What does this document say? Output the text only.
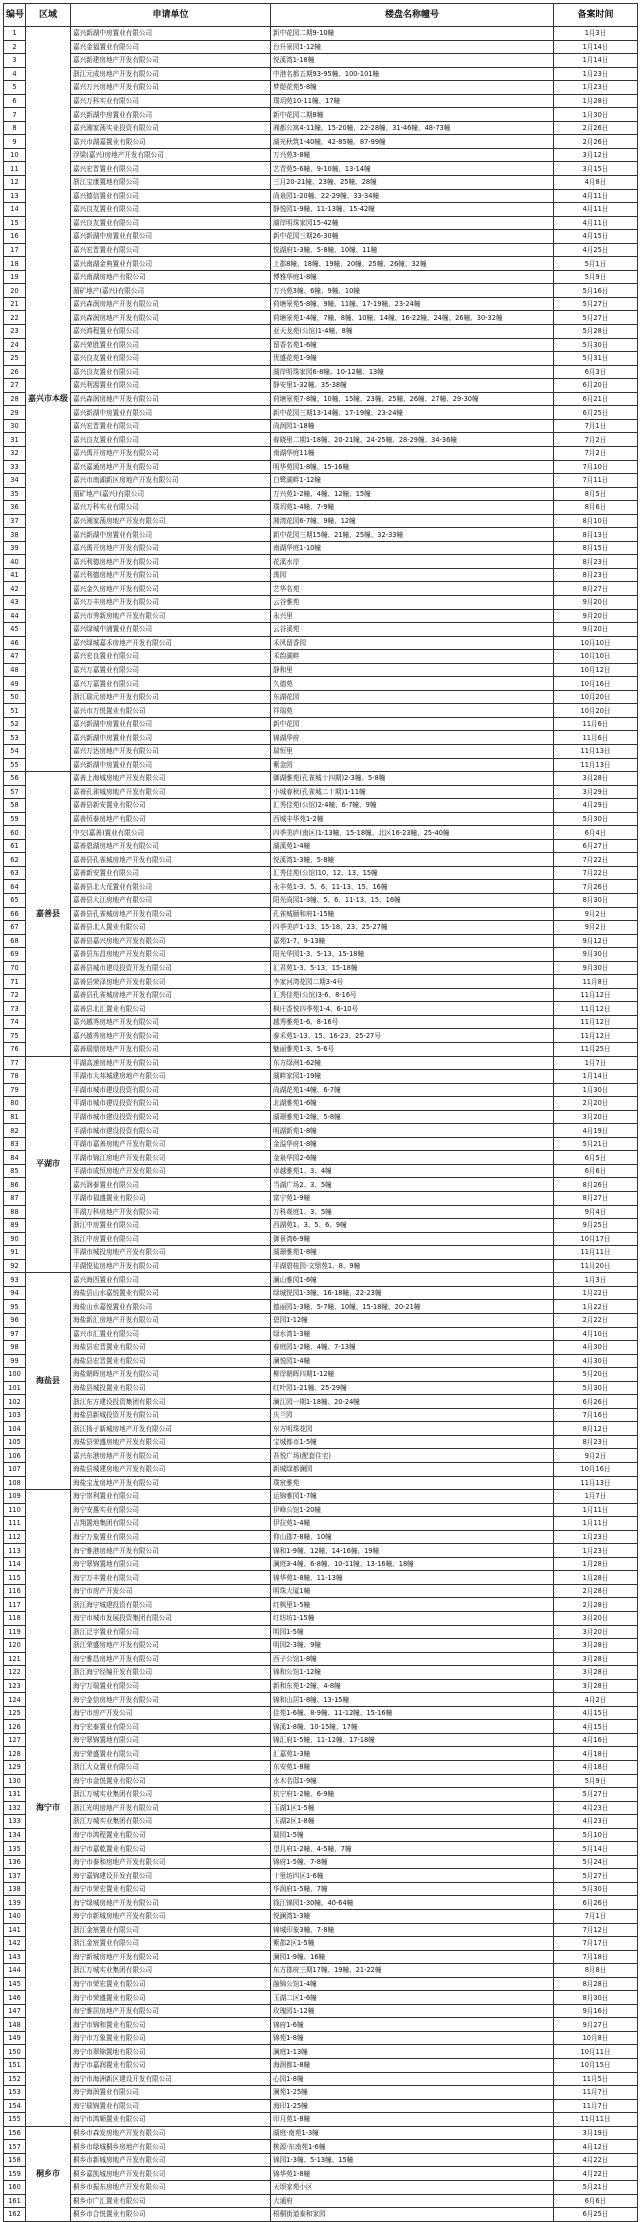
编号	区域	申请单位	楼盘名称幢号	备案时间
1	嘉兴市本级	嘉兴新湖中房置业有限公司	新中花园二期9-10幢	1月3日
2		嘉兴金福置业有限公司	台升景园1-12幢	1月14日
3		嘉兴新建房地产开发有限公司	悦溪湾1-18幢	1月14日
4		浙江元成房地产开发有限公司	中港名都五期93-95幢、100-101幢	1月23日
5		嘉兴万兴房地产开发有限公司	梦缇花苑5-8幢	1月23日
6		嘉兴万科实业有限公司	璞玥苑10-11幢、17幢	1月28日
7		嘉兴新湖中房置业有限公司	新中花园二期8幢	1月30日
8		嘉兴湘家荡实业投资有限公司	湘都公寓4-11幢、15-20幢、22-28幢、31-46幢、48-73幢	2月26日
9		嘉兴市湖嘉置业有限公司	湖光秋筑1-40幢、42-85幢、87-99幢	2月26日
10		浮梁(嘉兴)房地产开发有限公司	万兴苑3-8幢	3月12日
11		嘉兴宏晋置业有限公司	艺青苑5-6幢、9-10幢、13-14幢	3月15日
12		浙江宝康置地有限公司	三月20-21幢、23幢、25幢、28幢	4月8日
13		嘉兴德信置业有限公司	尚泉园1-20幢、22-29幢、33-34幢	4月11日
14		嘉兴良友置业有限公司	静悦园1-9幢、11-13幢、15-42幢	4月11日
15		嘉兴良友置业有限公司	湖岸明珠家园15-42幢	4月11日
16		嘉兴新湖中房置业有限公司	新中花园三期26-30幢	4月15日
17		嘉兴宏晋置业有限公司	悦湖府1-3幢、5-8幢、10幢、11幢	4月25日
18		嘉兴南湖金典置业有限公司	上郡8幢、18幢、19幢、20幢、25幢、26幢、32幢	5月1日
19		嘉兴南湖房地产有限公司	博雅华庭1-8幢	5月9日
20		湄矿地产(嘉兴)有限公司	万兴苑3幢、6幢、9幢、10幢	5月16日
21		嘉兴森润房地产开发有限公司	荷塘景苑5-8幢、9幢、11幢、17-19幢、23-24幢	5月27日
22		嘉兴森润房地产开发有限公司	荷塘景苑1-4幢、7幢、8幢、10幢、14幢、16-22幢、24幢、26幢、30-32幢	5月27日
23		嘉兴鸿程置业有限公司	亚天龙苑(公馆)1-4幢、8幢	5月28日
24		嘉兴荣胜置业有限公司	留香名苑1-6幢	5月30日
25		嘉兴良友置业有限公司	优盛花苑1-9幢	5月31日
26		嘉兴良友置业有限公司	湖岸明珠家园6-8幢、10-12幢、13幢	6月3日
27		嘉兴利源置业有限公司	静安里1-32幢、35-38幢	6月20日
28		嘉兴森润房地产开发有限公司	荷塘景苑7-8幢、10幢、15幢、23幢、25幢、26幢、27幢、29-30幢	6月21日
29		嘉兴新湖中房置业有限公司	新中花园三期13-14幢、17-19幢、23-24幢	6月25日
30		嘉兴宏晋置业有限公司	尚润园1-18幢	7月1日
31		嘉兴良友置业有限公司	春晓里二期1-18幢、20-21幢、24-25幢、28-29幢、34-36幢	7月2日
32		嘉兴禹开房地产开发有限公司	南湖华庭11幢	7月2日
33		嘉兴嘉通房地产开发有限公司	明华苑园1-8幢、15-16幢	7月10日
34		嘉兴市南湖新区房地产开发有限公司	白鹭湖畔1-12幢	7月11日
35		湄矿地产(嘉兴)有限公司	万兴苑1-2幢、4幢、12幢、15幢	8月5日
36		嘉兴万科实业有限公司	璞玥苑1-4幢、7-9幢	8月6日
37		嘉兴湘家荡房地产开发有限公司	湘湾花园6-7幢、9幢、12幢	8月10日
38		嘉兴新湖中房置业有限公司	新中花园三期15幢、21幢、25幢、32-33幢	8月13日
39		嘉兴禹开房地产开发有限公司	南湖华庭1-10幢	8月15日
40		嘉兴利德房地产开发有限公司	花溪水岸	8月23日
41		嘉兴利德房地产开发有限公司	禹园	8月23日
42		嘉兴金久房地产开发有限公司	艺华名苑	8月27日
43		嘉兴万丰房地产开发有限公司	云谷雅苑	9月20日
44		嘉兴市秀新房地产开发有限公司	永兴里	9月20日
45		嘉兴绿城中浦置业有限公司	云谷溪苑	9月20日
46		嘉兴绿城嘉禾房地产开发有限公司	禾风留香园	10月10日
47		嘉兴宏良置业有限公司	禾韵湖畔	10月10日
48		嘉兴万嘉置业有限公司	静和里	10月12日
49		嘉兴万嘉置业有限公司	久德苑	10月16日
50		浙江瑞元房地产开发有限公司	东湖花园	10月20日
51		嘉兴市万悦置业有限公司	祥瑞苑	10月20日
52		嘉兴新湖中房置业有限公司	新中花园	11月6日
53		嘉兴新湖中房置业有限公司	锦湖华府	11月6日
54		嘉兴万达房地产开发有限公司	瑞恒里	11月13日
55		嘉兴新湖中房置业有限公司	紫金园	11月13日
56	嘉善县	嘉善上海城房地产开发有限公司	御湖雅苑(孔雀城十四期)2-3幢、5-8幢	3月28日
57		嘉善孔雀城房地产开发有限公司	小城春秋(孔雀城二十期)1-11幢	3月29日
58		嘉善县新安置业有限公司	汇秀佳苑(公馆)2-4幢、6-7幢、9幢	4月29日
59		嘉善恒泰房地产有限公司	西城丰华苑1-2幢	5月30日
60		中交(嘉善)置业有限公司	四季美庐(南区)1-13幢、15-18幢、北区16-23幢、25-40幢	6月4日
61		嘉善碧湖房地产开发有限公司	湖溪苑1-4幢	6月27日
62		嘉善县孔雀城房地产开发有限公司	悦溪湾1-3幢、5-8幢	7月22日
63		嘉善新安置业有限公司	汇秀佳苑(公馆)10、12、13、15幢	7月22日
64		嘉善县北大荒置业有限公司	永丰苑1-3、5、6、11-13、15、16幢	7月26日
65		嘉善县大江房地产有限公司	阳光尚园1-3幢、5、6、11-13、15、16幢	8月30日
66		嘉善县孔雀城房地产开发有限公司	孔雀城颐和府1-15幢	9月2日
67		嘉善县北人置业有限公司	四季美庐1-13、15-18、23、25-27幢	9月2日
68		嘉善县嘉兴房地产开发有限公司	嘉苑1-7、9-13幢	9月12日
69		嘉善县东昌房地产开发有限公司	阳光华园1-3、5-13、15-18幢	9月30日
70		嘉善县城市建设投资开发有限公司	汇君苑1-3、5-13、15-18幢	9月30日
71		嘉善县荣泽房地产开发有限公司	李家河湾花园二期3-4号	11月8日
72		嘉善县孔雀城房地产开发有限公司	汇秀佳苑(公馆)3-6、8-16号	11月12日
73		嘉善县北汇置业有限公司	枫庄香悦四季苑1-4、6-10号	11月12日
74		嘉兴越秀房地产开发有限公司	越秀雅苑1-6、8-16号	11月12日
75		嘉兴越秀房地产开发有限公司	泰禾苑1-13、15、16-23、25-27号	11月12日
76		嘉善瑞鼎房地产开发有限公司	魅丽雅苑1-3、5-6号	11月25日
77	平湖市	平湖高速房地产开发有限公司	东方绿洲1-62幢	1月7日
78		平湖市大邦城建房地产有限公司	湖畔家园1-19幢	1月14日
79		平湖市城市建设投资有限公司	尚湖花苑1-4幢、6-7幢	1月30日
80		平湖市城市建设投资有限公司	北湖雅苑1-6幢	2月20日
81		平湖市城市建设投资有限公司	湖璟雅苑1-2幢、5-8幢	3月20日
82		平湖市城市建设投资有限公司	明湖新苑1-8幢	4月19日
83		平湖市嘉善房地产开发有限公司	金溢华府1-8幢	5月21日
84		平湖市锦江房地产开发有限公司	金泉华园2-6幢	6月5日
85		平湖市成恒房地产开发有限公司	卓越雅苑1、3、4幢	6月6日
86		嘉兴润泰置业有限公司	当湖广场2、3、5幢	8月26日
87		平湖市福盛置业有限公司	富宁苑1-9幢	8月27日
88		平湖万科房地产开发有限公司	万科观庭1、3、5幢	9月4日
89		浙江中房置业有限公司	西湖苑1、3、5、6、9幢	9月25日
90		浙江中房置业有限公司	御景湾6-9幢	10月17日
91		平湖市城投房地产开发有限公司	湖璟雅苑1-8幢	11月11日
92		平湖悦徒房地产开发有限公司	平湖碧桂园·文鼎苑1、8、9幢	11月20日
93	海盐县	嘉兴海西置业有限公司	澜山雅园1-6幢	1月3日
94		海盐县山水嘉悦置业有限公司	绿城悦园1-3幢、16-18幢、22-23幢	1月22日
95		海盐山水嘉悦置业有限公司	德丽园1-3幢、5-7幢、10幢、15-18幢、20-21幢	1月22日
96		海盐新汇房地产开发有限公司	碧园1-12幢	2月22日
97		嘉兴市汇置业有限公司	绿水湾1-3幢	4月10日
98		海盐县宏晋置业有限公司	春庭园1-2幢、4幢、7-13幢	4月30日
99		海盐县宏晋置业有限公司	澜悦园1-4幢	4月30日
100		海盐朝晖房地产开发有限公司	柳岸朝晖四期1-12幢	5月20日
101		海盐县城投置业有限公司	红叶园1-21幢、25-29幢	5月30日
102		浙江东方建设投资集团有限公司	澜江园一期1-18幢、20-24幢	6月26日
103		海盐县新城投资开发有限公司	庆兰园	7月16日
104		浙江扬子新城房地产开发有限公司	东方明珠花园	8月12日
105		海盐县荣盛房地产开发有限公司	宝城都市1-5幢	8月23日
106		嘉兴东港房地产开发有限公司	吾悦广场(配套住宅)	9月2日
107		海盐县城建房地产开发有限公司	新城绿都澜园	10月16日
108		海盐宝龙房地产开发有限公司	璞宸雅苑	11月13日
109	海宁市	海宁崇利置业有限公司	运锦雅园1-7幢	1月7日
110		海宁安惠实业有限公司	伊峰公馆1-20幢	1月11日
111		吉翔置地集团有限公司	伊拉苑1-4幢	1月11日
112		海宁万象置业有限公司	仰山郡7-8幢、10幢	1月23日
113		海宁雅港房地产开发有限公司	锦和1-9幢、12幢、14-16幢、19幢	1月23日
114		海宁翠锦置地有限公司	澜庭3-4幢、6-8幢、10-11幢、13-16幢、18幢	1月28日
115		海宁万丰置业有限公司	锦华苑1-8幢、11-13幢	1月28日
116		海宁市房产开发公司	明珠大厦1幢	2月28日
117		浙江海宁城建投资有限公司	红枫里1-5幢	2月28日
118		海宁市城市发展投资集团有限公司	红纺坊1-15幢	3月20日
119		浙江泛宇置业有限公司	明园1-5幢	3月20日
120		浙江荣盛房地产开发有限公司	明园2-3幢、9幢	3月28日
121		海宁雅昌房地产开发有限公司	西子公馆1-8幢	3月28日
122		浙江海宁经编开发有限公司	锦和公馆1-12幢	3月28日
123		海宁万瑞置业有限公司	新和东苑1-2幢、4-8幢	3月28日
124		海宁金信房地产开发有限公司	锦和山居1-8幢、13-15幢	4月2日
125		海宁市房产开发公司	佳苑1-6幢、8-9幢、11-12幢、15-16幢	4月15日
126		海宁宏泰置业有限公司	锦溪1-8幢、10-15幢、17幢	4月15日
127		海宁翠锦置地有限公司	锦汇府1-5幢、11-12幢、17-18幢	4月16日
128		海宁荣盛置业有限公司	汇嘉苑1-3幢	4月18日
129		浙江大众置业有限公司	东安苑1-8幢	4月18日
130		海宁市金悦置业有限公司	水木名邸1-9幢	5月9日
131		浙江万城实业集团有限公司	杭宁府1-2幢、6-9幢	5月27日
132		浙江光明房地产开发有限公司	玉湖1区1-5幢	4月23日
133		浙江万城实业集团有限公司	玉湖2区1-8幢	4月23日
134		海宁市鸿程置业有限公司	瑞园1-5幢	5月10日
135		海宁市嘉乾置业有限公司	望月府1-2幢、4-5幢、7幢	5月14日
136		海宁市泰和房地产开发有限公司	锦府1-5幢、7-8幢	5月24日
137		海宁嘉锦建设开发有限公司	十里坊四区1-6幢	5月27日
138		海宁市荣宏置业有限公司	华润府1-5幢、7幢	5月30日
139		海宁绿城房地产开发有限公司	钱江锦园1-30幢、40-64幢	6月26日
140		海宁市新城房地产开发有限公司	悦澜湾1-3幢	7月1日
141		浙江金宸置业有限公司	锦城印象3幢、7-8幢	7月12日
142		浙江金宸置业有限公司	紫郡2区1-5幢	7月17日
143		海宁新城房地产开发有限公司	澜园1-9幢、16幢	7月18日
144		浙江万城实业集团有限公司	东方郡府三期17幢、19幢、21-22幢	8月8日
145		海宁市荣宏置业有限公司	融锦公馆1-4幢	8月28日
146		海宁市荣盛置业有限公司	玉湖二区1-6幢	8月30日
147		海宁雅居房地产开发有限公司	玫瑰园1-12幢	9月16日
148		海宁市锦和置业有限公司	锦府1-6幢	9月27日
149		海宁市万象置业有限公司	锦苑1-8幢	10月8日
150		海宁市翠锦置地有限公司	澜庭1-13幢	10月11日
151		海宁市嘉润置业有限公司	海润都1-8幢	10月15日
152		海宁市海洲新区建设开发有限公司	心园1-8幢	11月5日
153		海宁海润置业有限公司	澜苑1-25幢	11月7日
154		海宁瑞锦置业有限公司	海印1-25幢	11月7日
155		海宁市鸿顺置业有限公司	印月苑1-8幢	11月11日
156	桐乡市	桐乡市森发房地产开发有限公司	湖庭·南苑1-3幢	3月19日
157		桐乡市绿城桐乡房地产有限公司	桃源·东南苑1-6幢	4月12日
158		桐乡市新城房地产开发有限公司	锦园1-3幢、5-13幢、15幢	4月22日
159		桐乡嘉凯城房地产开发有限公司	锦华苑1-8幢	4月22日
160		桐乡市振东房地产开发有限公司	天颂家苑小区	5月21日
161		桐乡市广汇置业有限公司	大通府	6月6日
162		桐乡市合悦置业有限公司	梧桐街道泰和家园	6月25日
